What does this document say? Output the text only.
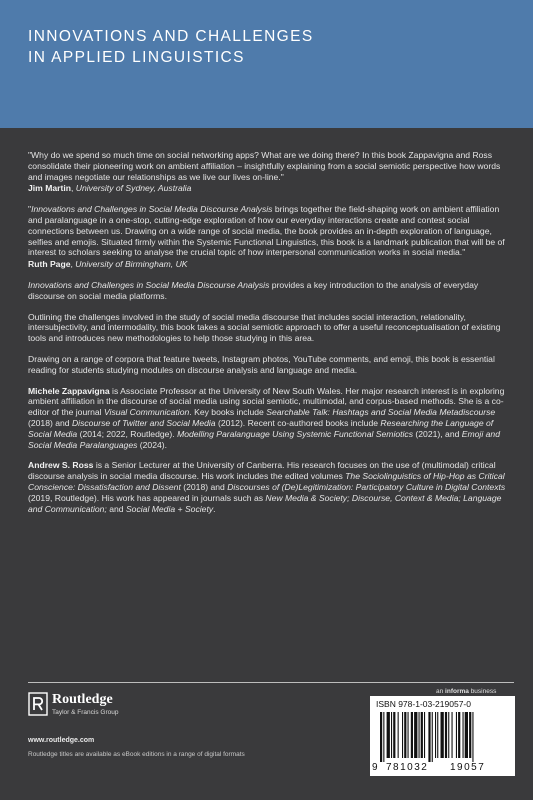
INNOVATIONS AND CHALLENGES
IN APPLIED LINGUISTICS

"Why do we spend so much time on social networking apps? What are we doing there? In this book Zappavigna and Ross consolidate their pioneering work on ambient affiliation – insightfully explaining from a social semiotic perspective how words and images negotiate our relationships as we live our lives on-line."

Jim Martin, University of Sydney, Australia

"Innovations and Challenges in Social Media Discourse Analysis brings together the field-shaping work on ambient affiliation and paralanguage in a one-stop, cutting-edge exploration of how our everyday interactions create and contest social connections between us. Drawing on a wide range of social media, the book provides an in-depth exploration of language, selfies and emojis. Situated firmly within the Systemic Functional Linguistics, this book is a landmark publication that will be of interest to scholars seeking to analyse the crucial topic of how interpersonal communication works in social media."

Ruth Page, University of Birmingham, UK

Innovations and Challenges in Social Media Discourse Analysis provides a key introduction to the analysis of everyday discourse on social media platforms.

Outlining the challenges involved in the study of social media discourse that includes social interaction, relationality, intersubjectivity, and intermodality, this book takes a social semiotic approach to offer a useful reconceptualisation of existing tools and introduces new methodologies to help those studying in this area.

Drawing on a range of corpora that feature tweets, Instagram photos, YouTube comments, and emoji, this book is essential reading for students studying modules on discourse analysis and language and media.

Michele Zappavigna is Associate Professor at the University of New South Wales. Her major research interest is in exploring ambient affiliation in the discourse of social media using social semiotic, multimodal, and corpus-based methods. She is a co-editor of the journal Visual Communication. Key books include Searchable Talk: Hashtags and Social Media Metadiscourse (2018) and Discourse of Twitter and Social Media (2012). Recent co-authored books include Researching the Language of Social Media (2014; 2022, Routledge). Modelling Paralanguage Using Systemic Functional Semiotics (2021), and Emoji and Social Media Paralanguages (2024).

Andrew S. Ross is a Senior Lecturer at the University of Canberra. His research focuses on the use of (multimodal) critical discourse analysis in social media discourse. His work includes the edited volumes The Sociolinguistics of Hip-Hop as Critical Conscience: Dissatisfaction and Dissent (2018) and Discourses of (De)Legitimization: Participatory Culture in Digital Contexts (2019, Routledge). His work has appeared in journals such as New Media & Society; Discourse, Context & Media; Language and Communication; and Social Media + Society.

Routledge
Taylor & Francis Group
www.routledge.com
Routledge titles are available as eBook editions in a range of digital formats
an informa business
ISBN 978-1-03-219057-0
9 781032 19057
